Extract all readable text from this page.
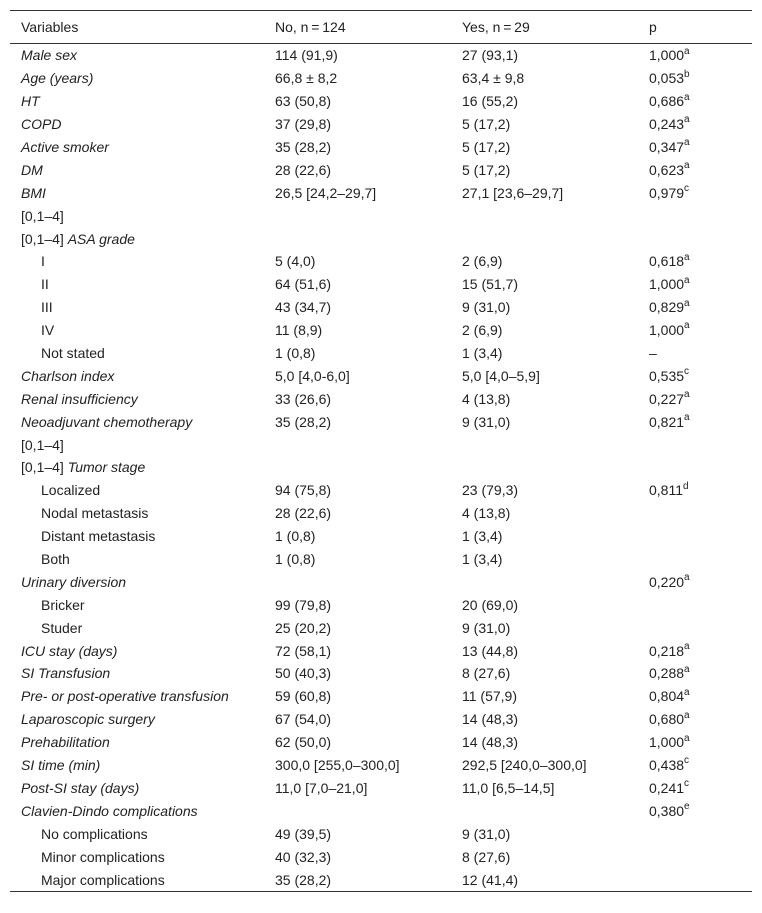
Variables	No, n = 124	Yes, n = 29	p
Male sex	114 (91,9)	27 (93,1)	1,000$^a$
Age (years)	66,8 ± 8,2	63,4 ± 9,8	0,053$^b$
HT	63 (50,8)	16 (55,2)	0,686$^a$
COPD	37 (29,8)	5 (17,2)	0,243$^a$
Active smoker	35 (28,2)	5 (17,2)	0,347$^a$
DM	28 (22,6)	5 (17,2)	0,623$^a$
BMI	26,5 [24,2–29,7]	27,1 [23,6–29,7]	0,979$^c$
[0,1–4]			
[0,1–4] ASA grade			
I	5 (4,0)	2 (6,9)	0,618$^a$
II	64 (51,6)	15 (51,7)	1,000$^a$
III	43 (34,7)	9 (31,0)	0,829$^a$
IV	11 (8,9)	2 (6,9)	1,000$^a$
Not stated	1 (0,8)	1 (3,4)	–
Charlson index	5,0 [4,0-6,0]	5,0 [4,0–5,9]	0,535$^c$
Renal insufficiency	33 (26,6)	4 (13,8)	0,227$^a$
Neoadjuvant chemotherapy	35 (28,2)	9 (31,0)	0,821$^a$
[0,1–4]			
[0,1–4] Tumor stage			
Localized	94 (75,8)	23 (79,3)	0,811$^d$
Nodal metastasis	28 (22,6)	4 (13,8)	
Distant metastasis	1 (0,8)	1 (3,4)	
Both	1 (0,8)	1 (3,4)	
Urinary diversion			0,220$^a$
Bricker	99 (79,8)	20 (69,0)	
Studer	25 (20,2)	9 (31,0)	
ICU stay (days)	72 (58,1)	13 (44,8)	0,218$^a$
SI Transfusion	50 (40,3)	8 (27,6)	0,288$^a$
Pre- or post-operative transfusion	59 (60,8)	11 (57,9)	0,804$^a$
Laparoscopic surgery	67 (54,0)	14 (48,3)	0,680$^a$
Prehabilitation	62 (50,0)	14 (48,3)	1,000$^a$
SI time (min)	300,0 [255,0–300,0]	292,5 [240,0–300,0]	0,438$^c$
Post-SI stay (days)	11,0 [7,0–21,0]	11,0 [6,5–14,5]	0,241$^c$
Clavien-Dindo complications			0,380e
No complications	49 (39,5)	9 (31,0)	
Minor complications	40 (32,3)	8 (27,6)	
Major complications	35 (28,2)	12 (41,4)	
